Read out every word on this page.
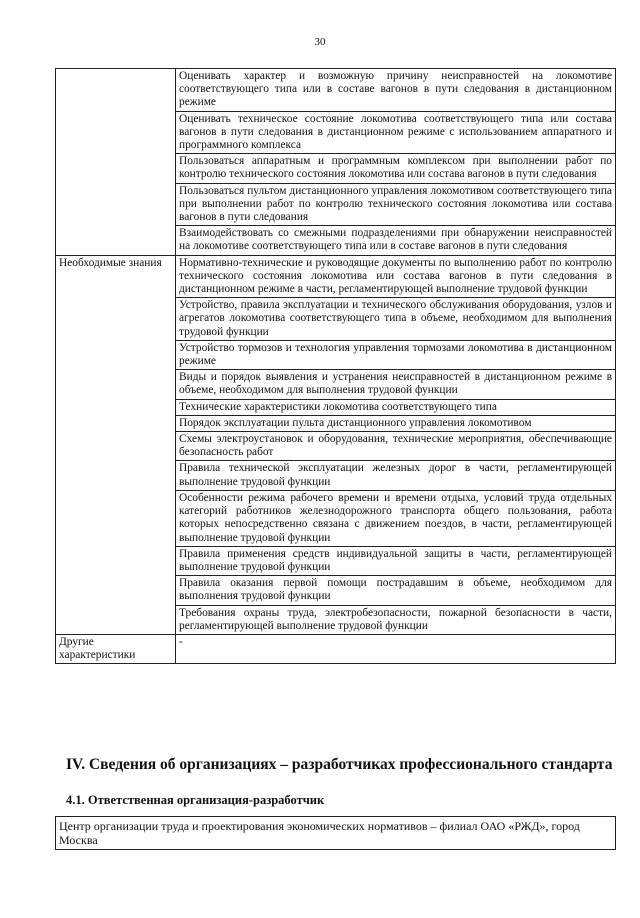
30
	Оценивать характер и возможную причину неисправностей на локомотиве соответствующего типа или в составе вагонов в пути следования в дистанционном режиме
	Оценивать техническое состояние локомотива соответствующего типа или состава вагонов в пути следования в дистанционном режиме с использованием аппаратного и программного комплекса
	Пользоваться аппаратным и программным комплексом при выполнении работ по контролю технического состояния локомотива или состава вагонов в пути следования
	Пользоваться пультом дистанционного управления локомотивом соответствующего типа при выполнении работ по контролю технического состояния локомотива или состава вагонов в пути следования
	Взаимодействовать со смежными подразделениями при обнаружении неисправностей на локомотиве соответствующего типа или в составе вагонов в пути следования
Необходимые знания	Нормативно-технические и руководящие документы по выполнению работ по контролю технического состояния локомотива или состава вагонов в пути следования в дистанционном режиме в части, регламентирующей выполнение трудовой функции
	Устройство, правила эксплуатации и технического обслуживания оборудования, узлов и агрегатов локомотива соответствующего типа в объеме, необходимом для выполнения трудовой функции
	Устройство тормозов и технология управления тормозами локомотива в дистанционном режиме
	Виды и порядок выявления и устранения неисправностей в дистанционном режиме в объеме, необходимом для выполнения трудовой функции
	Технические характеристики локомотива соответствующего типа
	Порядок эксплуатации пульта дистанционного управления локомотивом
	Схемы электроустановок и оборудования, технические мероприятия, обеспечивающие безопасность работ
	Правила технической эксплуатации железных дорог в части, регламентирующей выполнение трудовой функции
	Особенности режима рабочего времени и времени отдыха, условий труда отдельных категорий работников железнодорожного транспорта общего пользования, работа которых непосредственно связана с движением поездов, в части, регламентирующей выполнение трудовой функции
	Правила применения средств индивидуальной защиты в части, регламентирующей выполнение трудовой функции
	Правила оказания первой помощи пострадавшим в объеме, необходимом для выполнения трудовой функции
	Требования охраны труда, электробезопасности, пожарной безопасности в части, регламентирующей выполнение трудовой функции
Другие характеристики	-
IV. Сведения об организациях – разработчиках профессионального стандарта
4.1. Ответственная организация-разработчик
Центр организации труда и проектирования экономических нормативов – филиал ОАО «РЖД», город Москва
